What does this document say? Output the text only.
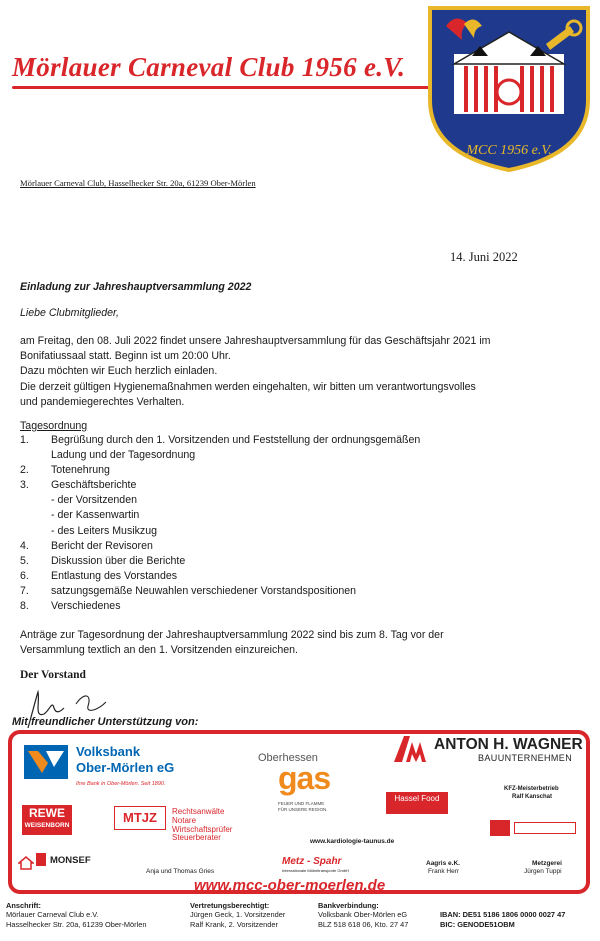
Mörlauer Carneval Club 1956 e.V.
MCC 1956 e.V.
Mörlauer Carneval Club, Hasselhecker Str. 20a, 61239 Ober-Mörlen
14. Juni 2022
Einladung zur Jahreshauptversammlung 2022
Liebe Clubmitglieder,
am Freitag, den 08. Juli 2022 findet unsere Jahreshauptversammlung für das Geschäftsjahr 2021 im
Bonifatiussaal statt. Beginn ist um 20:00 Uhr.
Dazu möchten wir Euch herzlich einladen.
Die derzeit gültigen Hygienemaßnahmen werden eingehalten, wir bitten um verantwortungsvolles
und pandemiegerechtes Verhalten.
Tagesordnung
1.	Begrüßung durch den 1. Vorsitzenden und Feststellung der ordnungsgemäßen
Ladung und der Tagesordnung
2.	Totenehrung
3.	Geschäftsberichte
- der Vorsitzenden
- der Kassenwartin
- des Leiters Musikzug
4.	Bericht der Revisoren
5.	Diskussion über die Berichte
6.	Entlastung des Vorstandes
7.	satzungsgemäße Neuwahlen verschiedener Vorstandspositionen
8.	Verschiedenes
Anträge zur Tagesordnung der Jahreshauptversammlung 2022 sind bis zum 8. Tag vor der
Versammlung textlich an den 1. Vorsitzenden einzureichen.
Der Vorstand
Mit freundlicher Unterstützung von:
Volksbank
Ober-Mörlen eG
Ihre Bank in Ober-Mörlen. Seit 1890.
Oberhessen
gas
FEUER UND FLAMME
FÜR UNSERE REGION.
ANTON H. WAGNER
BAUUNTERNEHMEN
Hassel Food
KFZ-Meisterbetrieb
Ralf Kanschat
REWE
WEISENBORN
MTJZ	Rechtsanwälte
Notare
Wirtschaftsprüfer
Steuerberater	www.kardiologie-taunus.de
MONSEF
Anja und Thomas Gries
Metz - Spahr
Internationale Möbeltransporte GmbH
Aagris e.K.
Frank Herr
Metzgerei
Jürgen Tuppi
www.mcc-ober-moerlen.de
Anschrift:
Mörlauer Carneval Club e.V.
Hasselhecker Str. 20a, 61239 Ober-Mörlen
Vertretungsberechtigt:
Jürgen Geck, 1. Vorsitzender
Ralf Krank, 2. Vorsitzender
Bankverbindung:
Volksbank Ober-Mörlen eG
BLZ 518 618 06, Kto. 27 47

IBAN: DE51 5186 1806 0000 0027 47
BIC: GENODE51OBM
